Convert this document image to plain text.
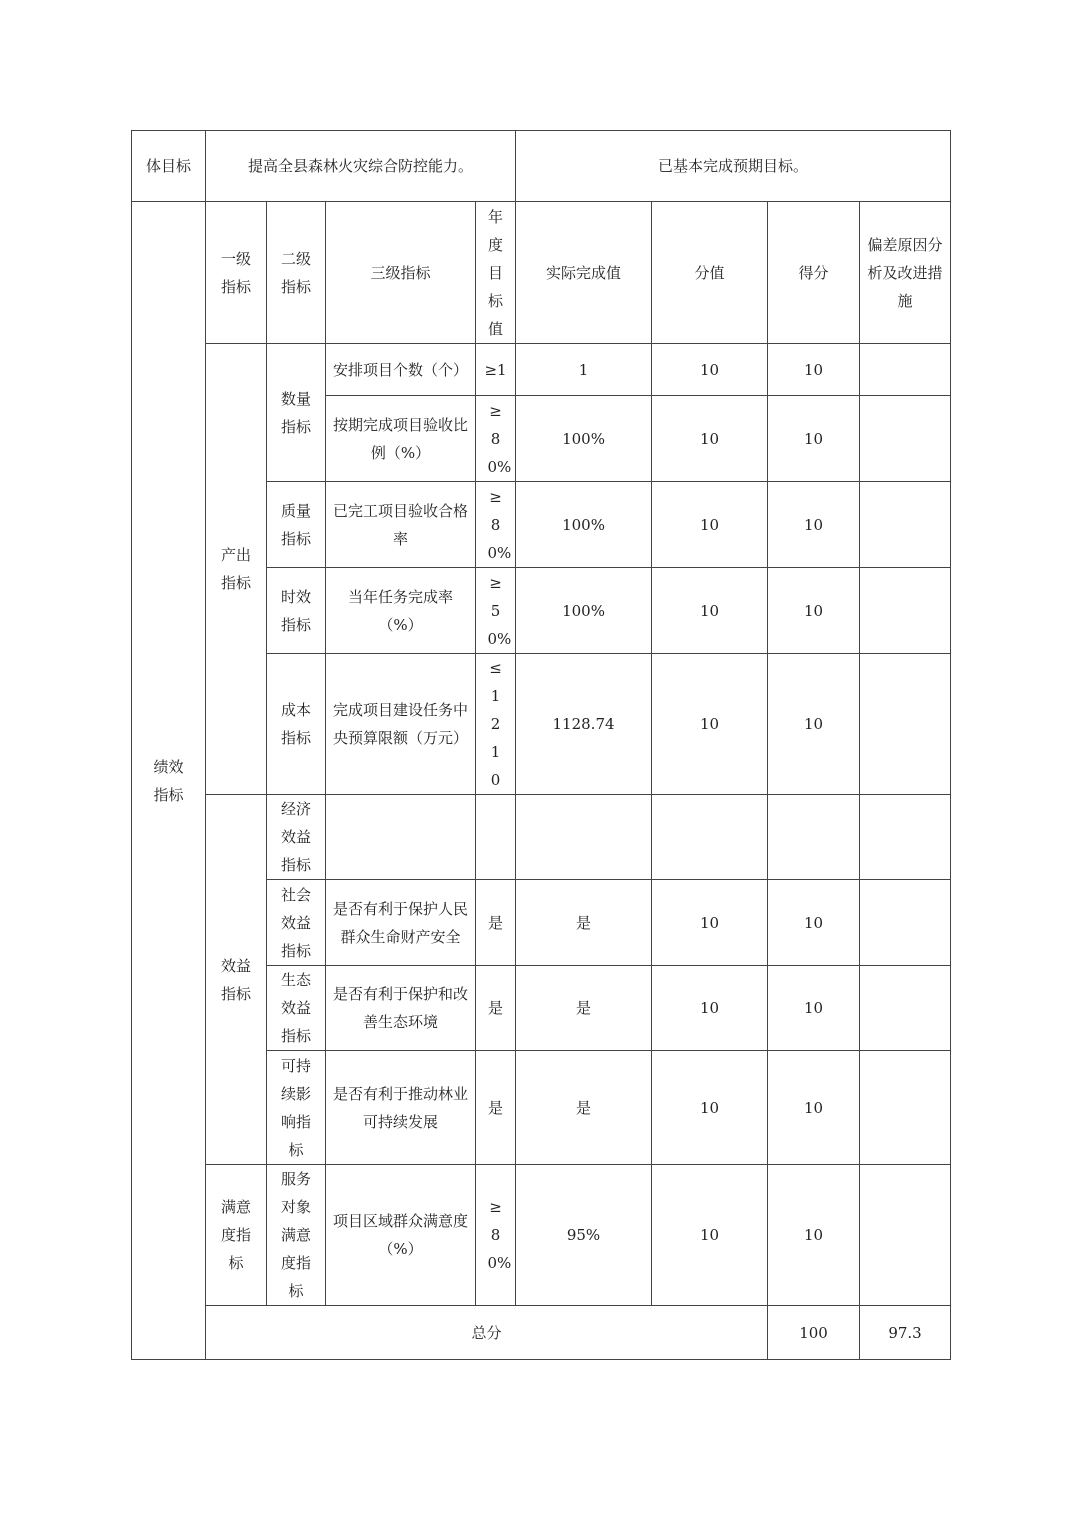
体目标	提高全县森林火灾综合防控能力。				已基本完成预期目标。				
绩效指标	一级指标	二级指标	三级指标	年度目标值	实际完成值	分值	得分	偏差原因分析及改进措施	
	产出指标	数量指标	安排项目个数（个）	≥1	1	10	10		
			按期完成项目验收比例（%）	≥80%	100%	10	10		
		质量指标	已完工项目验收合格率	≥80%	100%	10	10		
		时效指标	当年任务完成率（%）	≥50%	100%	10	10		
		成本指标	完成项目建设任务中央预算限额（万元）	≤1210	1128.74	10	10		
	效益指标	经济效益指标							
		社会效益指标	是否有利于保护人民群众生命财产安全	是	是	10	10		
		生态效益指标	是否有利于保护和改善生态环境	是	是	10	10		
		可持续影响指标	是否有利于推动林业可持续发展	是	是	10	10		
	满意度指标	服务对象满意度指标	项目区域群众满意度（%）	≥80%	95%	10	10		
	总分						100	97.3	
